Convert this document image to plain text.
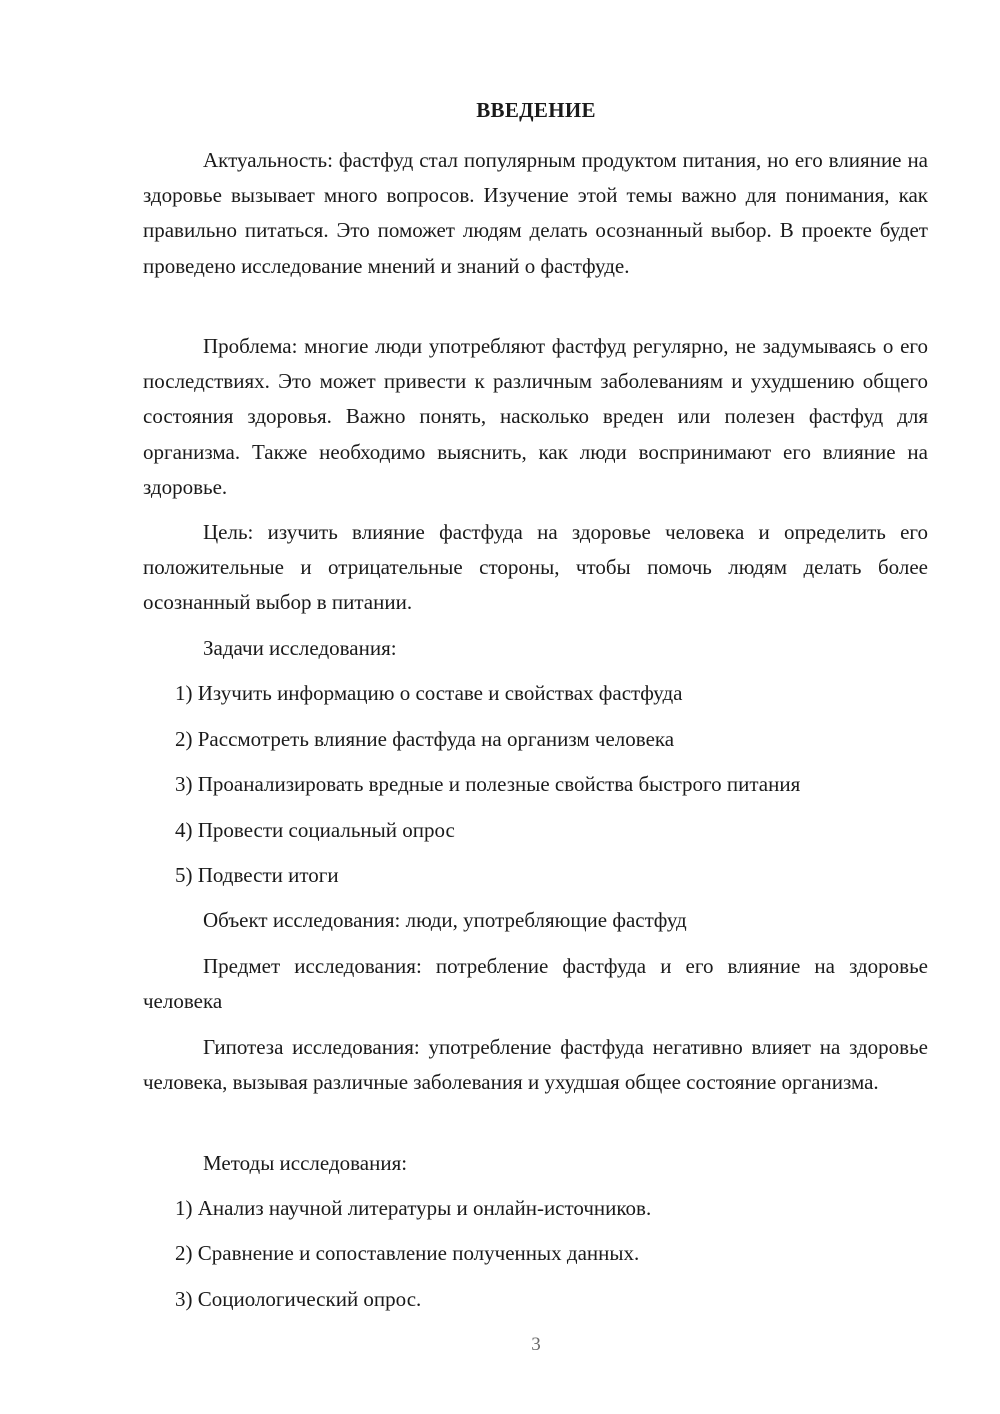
ВВЕДЕНИЕ

Актуальность: фастфуд стал популярным продуктом питания, но его влияние на здоровье вызывает много вопросов. Изучение этой темы важно для понимания, как правильно питаться. Это поможет людям делать осознанный выбор. В проекте будет проведено исследование мнений и знаний о фастфуде.

Проблема: многие люди употребляют фастфуд регулярно, не задумываясь о его последствиях. Это может привести к различным заболеваниям и ухудшению общего состояния здоровья. Важно понять, насколько вреден или полезен фастфуд для организма. Также необходимо выяснить, как люди воспринимают его влияние на здоровье.

Цель: изучить влияние фастфуда на здоровье человека и определить его положительные и отрицательные стороны, чтобы помочь людям делать более осознанный выбор в питании.

Задачи исследования:

1) Изучить информацию о составе и свойствах фастфуда

2) Рассмотреть влияние фастфуда на организм человека

3) Проанализировать вредные и полезные свойства быстрого питания

4) Провести социальный опрос

5) Подвести итоги

Объект исследования: люди, употребляющие фастфуд

Предмет исследования: потребление фастфуда и его влияние на здоровье человека

Гипотеза исследования: употребление фастфуда негативно влияет на здоровье человека, вызывая различные заболевания и ухудшая общее состояние организма.

Методы исследования:

1) Анализ научной литературы и онлайн-источников.

2) Сравнение и сопоставление полученных данных.

3) Социологический опрос.

3
